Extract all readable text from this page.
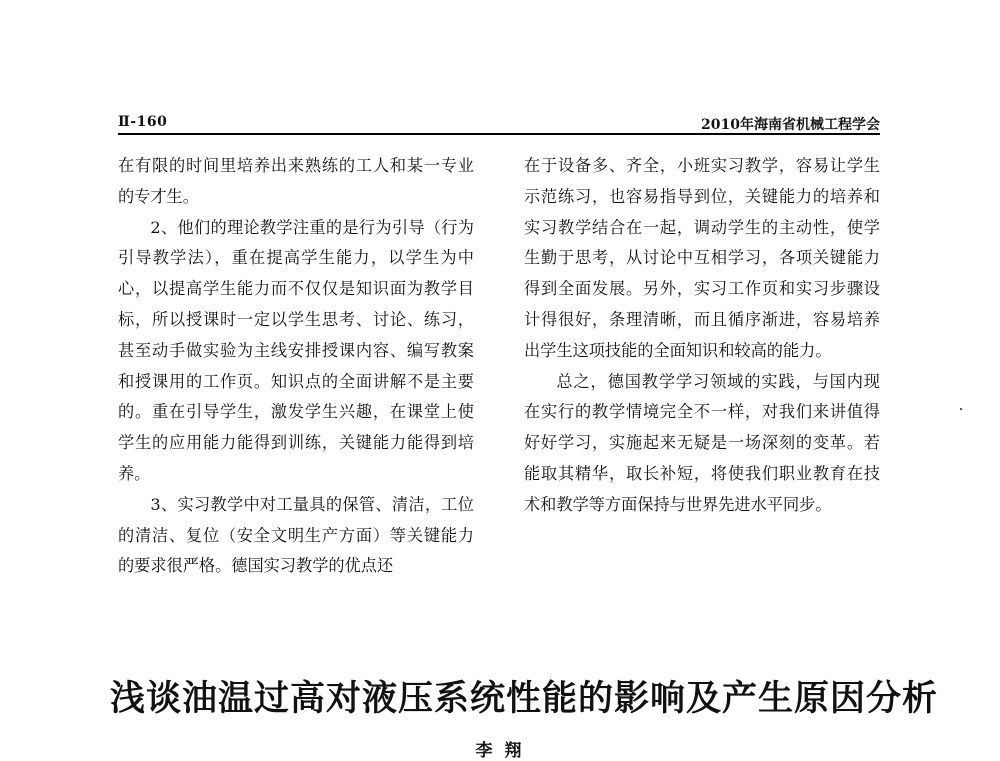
Ⅱ-160	2010年海南省机械工程学会

在有限的时间里培养出来熟练的工人和某一专业的专才生。

2、他们的理论教学注重的是行为引导（行为引导教学法），重在提高学生能力，以学生为中心，以提高学生能力而不仅仅是知识面为教学目标，所以授课时一定以学生思考、讨论、练习，甚至动手做实验为主线安排授课内容、编写教案和授课用的工作页。知识点的全面讲解不是主要的。重在引导学生，激发学生兴趣，在课堂上使学生的应用能力能得到训练，关键能力能得到培养。

3、实习教学中对工量具的保管、清洁，工位的清洁、复位（安全文明生产方面）等关键能力的要求很严格。德国实习教学的优点还

在于设备多、齐全，小班实习教学，容易让学生示范练习，也容易指导到位，关键能力的培养和实习教学结合在一起，调动学生的主动性，使学生勤于思考，从讨论中互相学习，各项关键能力得到全面发展。另外，实习工作页和实习步骤设计得很好，条理清晰，而且循序渐进，容易培养出学生这项技能的全面知识和较高的能力。

总之，德国教学学习领域的实践，与国内现在实行的教学情境完全不一样，对我们来讲值得好好学习，实施起来无疑是一场深刻的变革。若能取其精华，取长补短，将使我们职业教育在技术和教学等方面保持与世界先进水平同步。

浅谈油温过高对液压系统性能的影响及产生原因分析
李 翔
